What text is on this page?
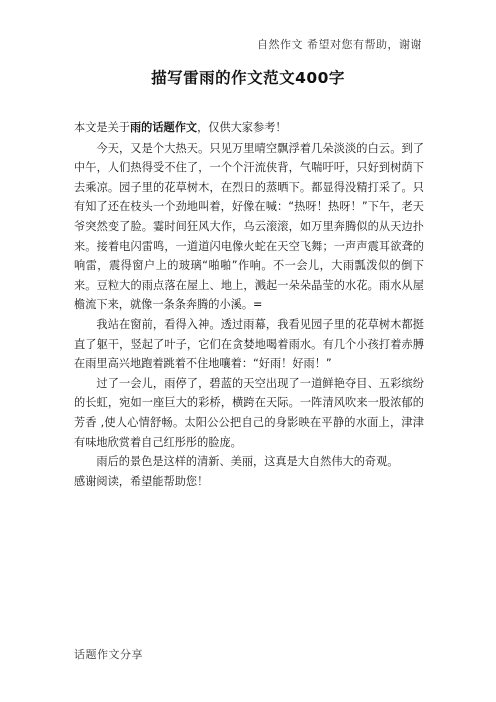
自然作文 希望对您有帮助，谢谢
描写雷雨的作文范文400字

本文是关于雨的话题作文，仅供大家参考！

今天，又是个大热天。只见万里晴空飘浮着几朵淡淡的白云。到了中午，人们热得受不住了，一个个汗流侠背，气喘吁吁，只好到树荫下去乘凉。园子里的花草树木，在烈日的蒸晒下。都显得没精打采了。只有知了还在枝头一个劲地叫着，好像在喊：“热呀！热呀！”下午，老天爷突然变了脸。霎时间狂风大作，乌云滚滚，如万里奔腾似的从天边扑来。接着电闪雷鸣，一道道闪电像火蛇在天空飞舞；一声声震耳欲聋的响雷，震得窗户上的玻璃“啪啪”作响。不一会儿，大雨瓢泼似的倒下来。豆粒大的雨点落在屋上、地上，溅起一朵朵晶莹的水花。雨水从屋檐流下来，就像一条条奔腾的小溪。=

我站在窗前，看得入神。透过雨幕，我看见园子里的花草树木都挺直了躯干，竖起了叶子，它们在贪婪地喝着雨水。有几个小孩打着赤膊在雨里高兴地跑着跳着不住地嚷着：“好雨！好雨！”

过了一会儿，雨停了，碧蓝的天空出现了一道鲜艳夺目、五彩缤纷的长虹，宛如一座巨大的彩桥，横跨在天际。一阵清风吹来一股浓郁的芳香 ,使人心情舒畅。太阳公公把自己的身影映在平静的水面上，津津有味地欣赏着自己红彤彤的脸庞。

雨后的景色是这样的清新、美丽，这真是大自然伟大的奇观。

感谢阅读，希望能帮助您！

话题作文分享
